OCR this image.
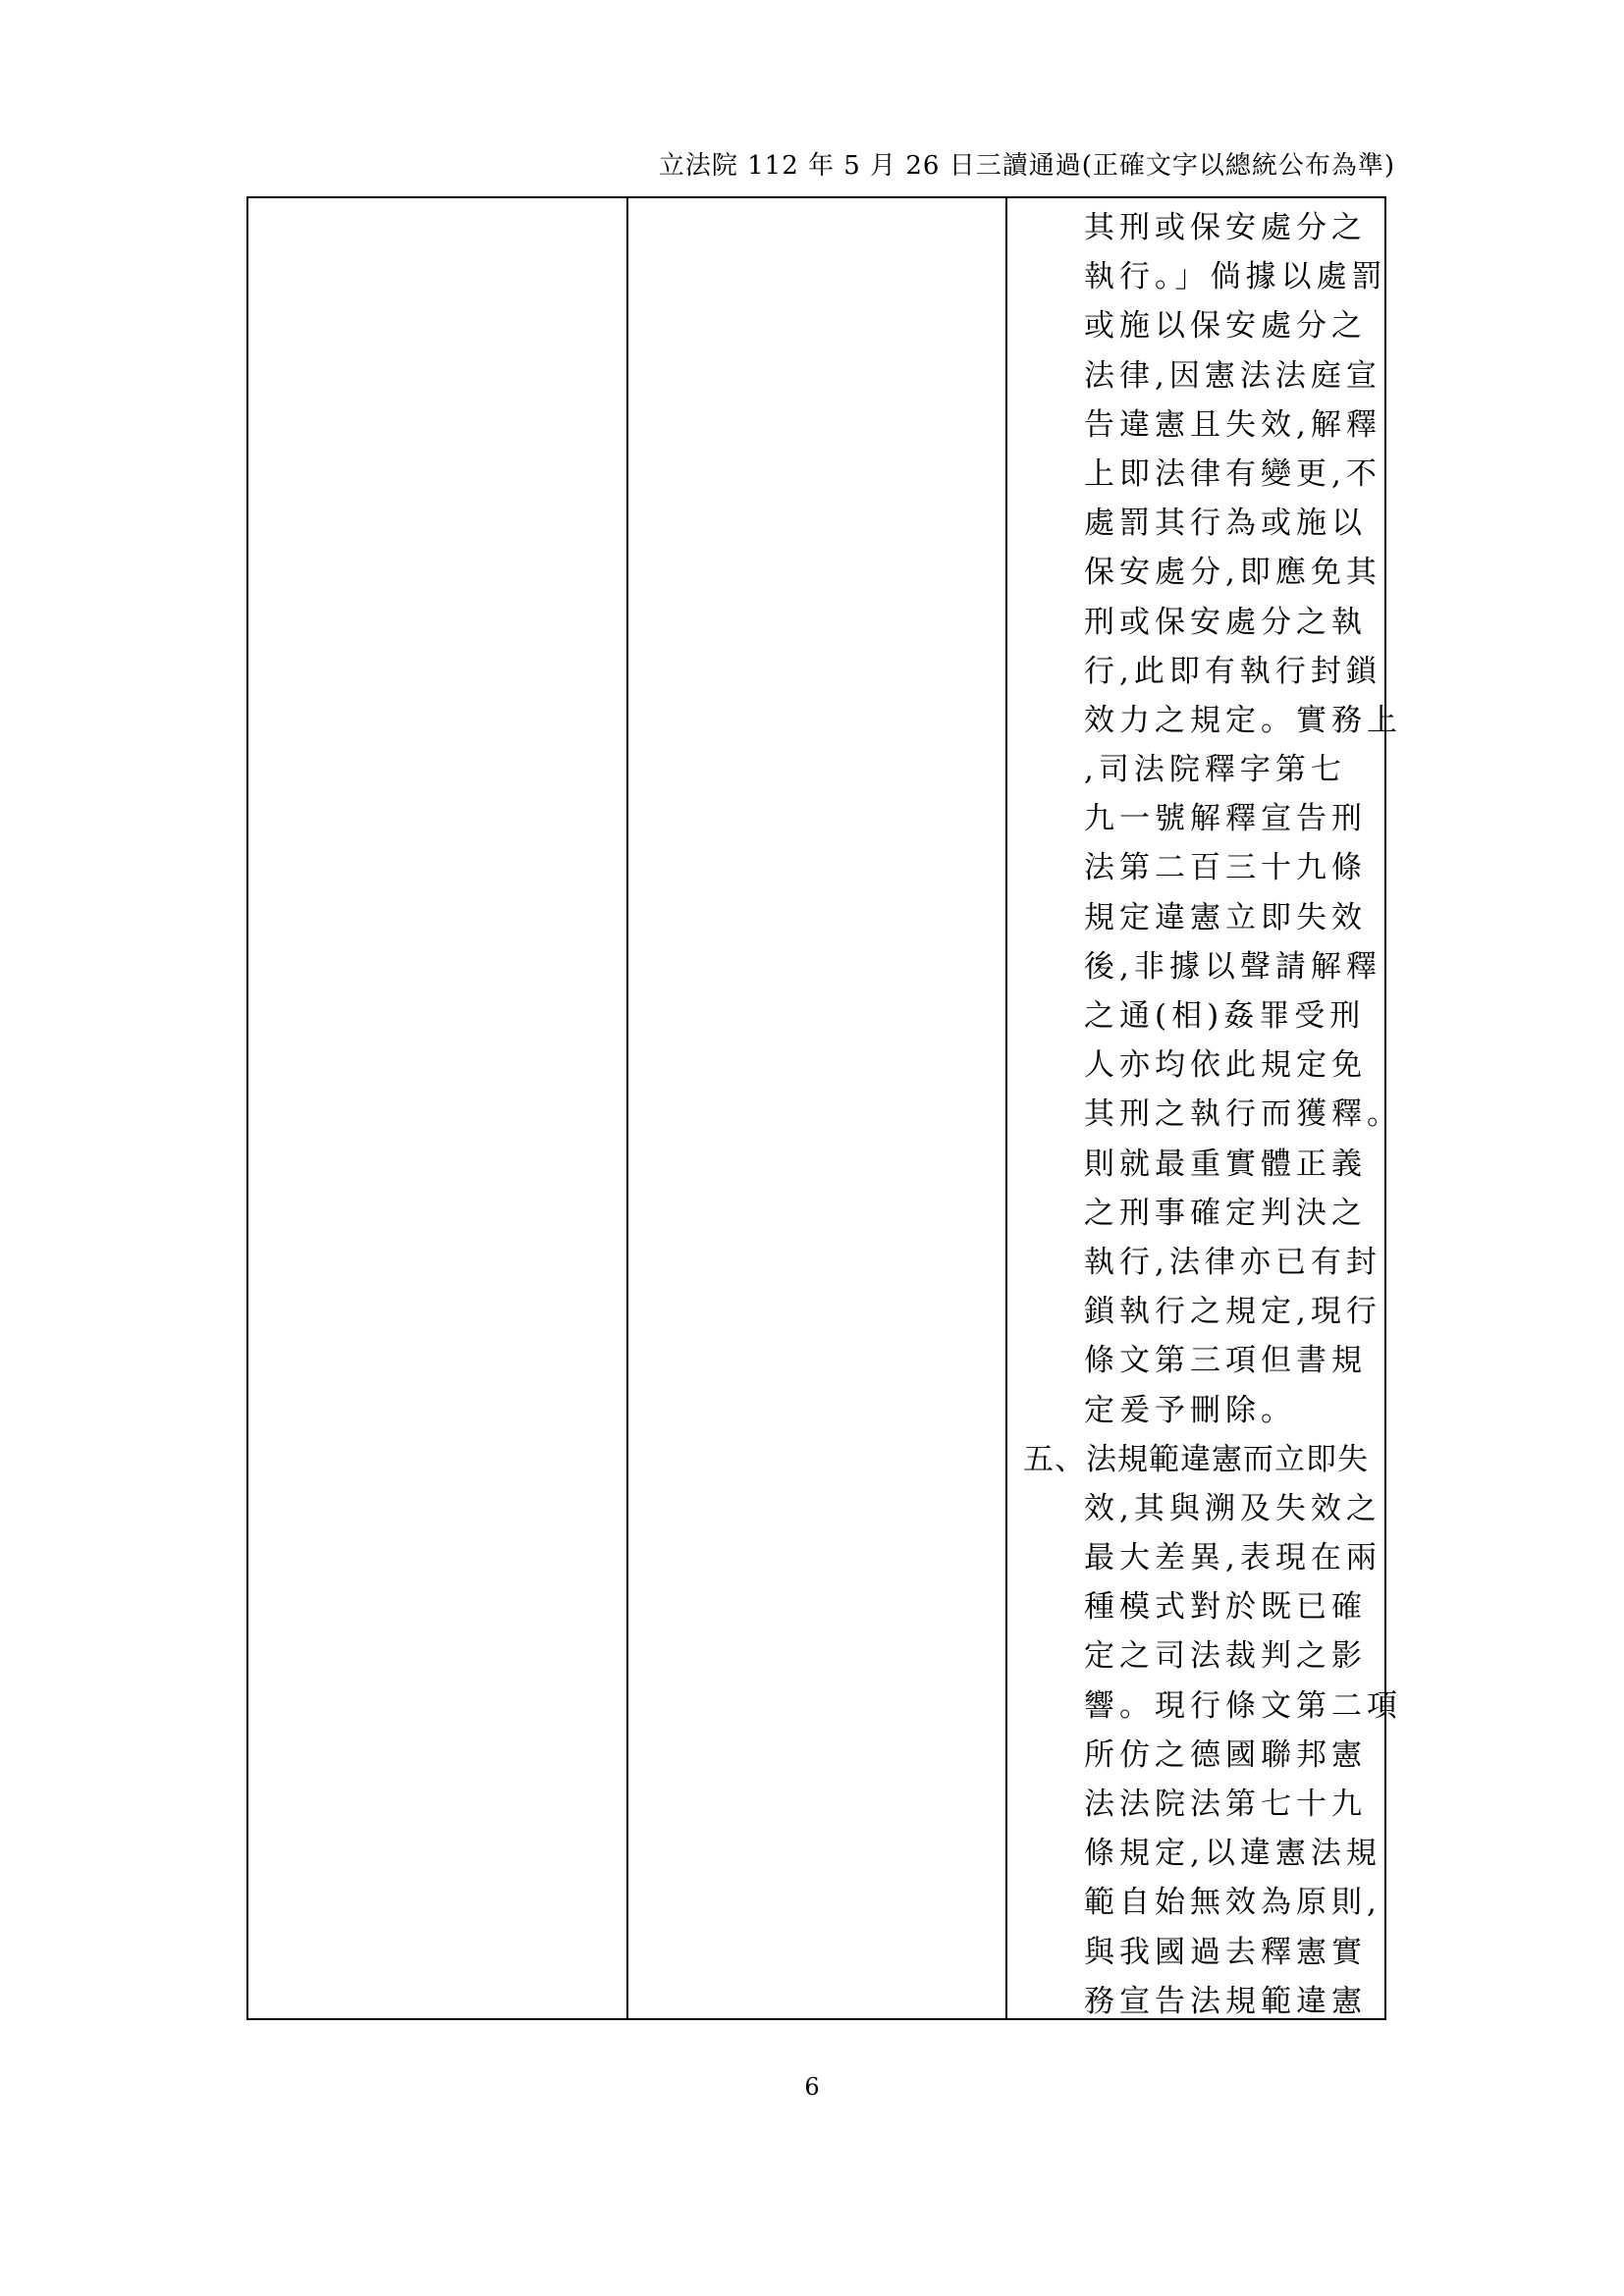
立法院 112 年 5 月 26 日三讀通過(正確文字以總統公布為準)
其刑或保安處分之
執行。」倘據以處罰
或施以保安處分之
法律,因憲法法庭宣
告違憲且失效,解釋
上即法律有變更,不
處罰其行為或施以
保安處分,即應免其
刑或保安處分之執
行,此即有執行封鎖
效力之規定。實務上
,司法院釋字第七
九一號解釋宣告刑
法第二百三十九條
規定違憲立即失效
後,非據以聲請解釋
之通(相)姦罪受刑
人亦均依此規定免
其刑之執行而獲釋。
則就最重實體正義
之刑事確定判決之
執行,法律亦已有封
鎖執行之規定,現行
條文第三項但書規
定爰予刪除。
五、法規範違憲而立即失
效,其與溯及失效之
最大差異,表現在兩
種模式對於既已確
定之司法裁判之影
響。現行條文第二項
所仿之德國聯邦憲
法法院法第七十九
條規定,以違憲法規
範自始無效為原則,
與我國過去釋憲實
務宣告法規範違憲
6
